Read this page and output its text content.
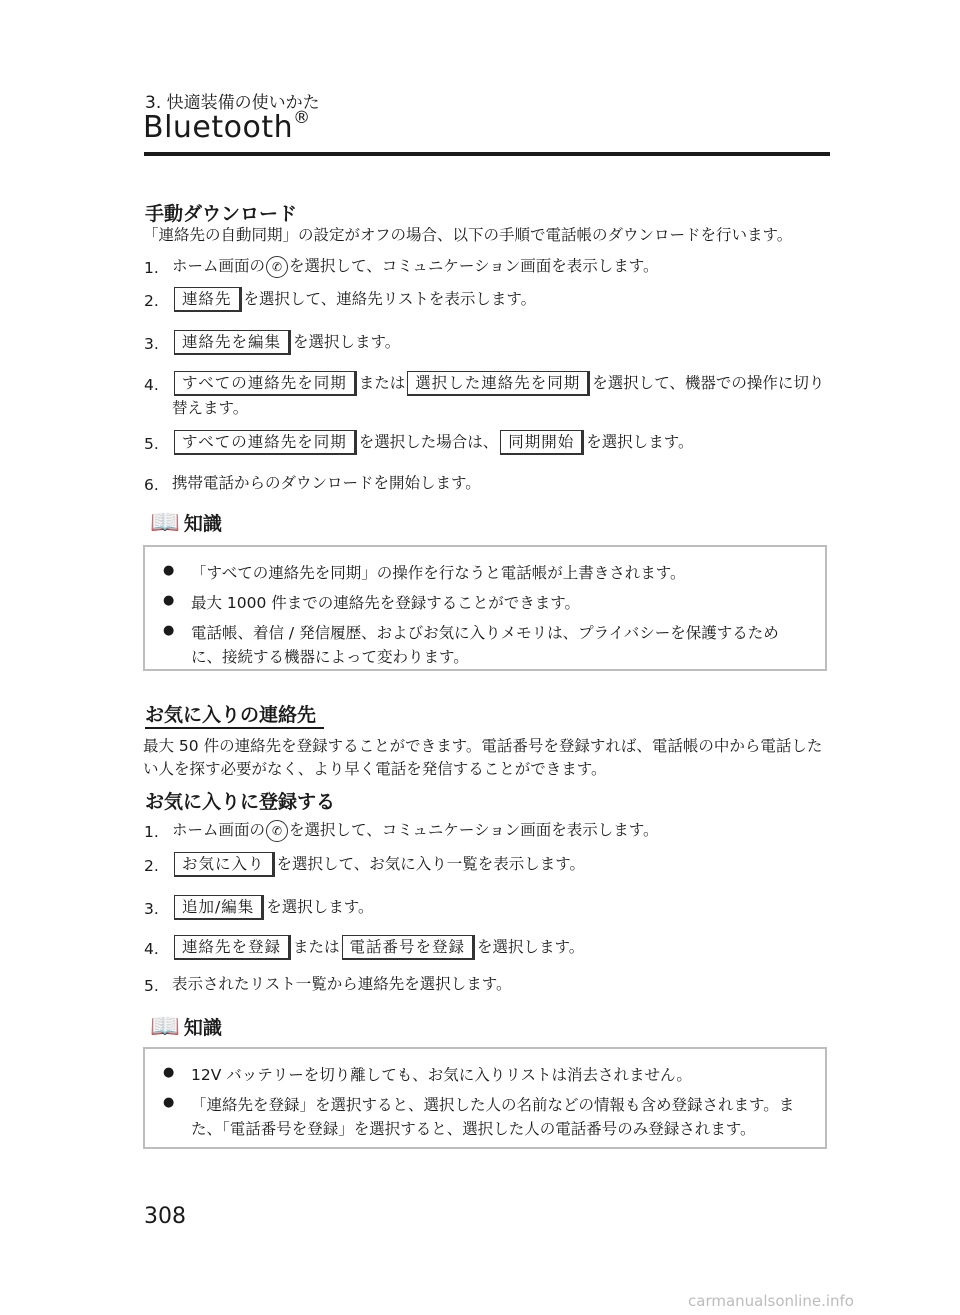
3. 快適装備の使いかた
Bluetooth®
手動ダウンロード
「連絡先の自動同期」の設定がオフの場合、以下の手順で電話帳のダウンロードを行います。
1. ホーム画面の ✆ を選択して、コミュニケーション画面を表示します。
2.	連絡先 を選択して、連絡先リストを表示します。
3.	連絡先を編集 を選択します。
4.	すべての連絡先を同期 または 選択した連絡先を同期 を選択して、機器での操作に切り替えます。
5.	すべての連絡先を同期 を選択した場合は、 同期開始 を選択します。
6. 携帯電話からのダウンロードを開始します。
📖 知識
● 「すべての連絡先を同期」の操作を行なうと電話帳が上書きされます。
● 最大 1000 件までの連絡先を登録することができます。
● 電話帳、着信 / 発信履歴、およびお気に入りメモリは、プライバシーを保護するために、接続する機器によって変わります。
お気に入りの連絡先
最大 50 件の連絡先を登録することができます。電話番号を登録すれば、電話帳の中から電話したい人を探す必要がなく、より早く電話を発信することができます。
お気に入りに登録する
1. ホーム画面の ✆ を選択して、コミュニケーション画面を表示します。
2.	お気に入り を選択して、お気に入り一覧を表示します。
3.	追加/編集 を選択します。
4.	連絡先を登録 または 電話番号を登録 を選択します。
5. 表示されたリスト一覧から連絡先を選択します。
📖 知識
● 12V バッテリーを切り離しても、お気に入りリストは消去されません。
● 「連絡先を登録」を選択すると、選択した人の名前などの情報も含め登録されます。また、「電話番号を登録」を選択すると、選択した人の電話番号のみ登録されます。
308
carmanualsonline.info
